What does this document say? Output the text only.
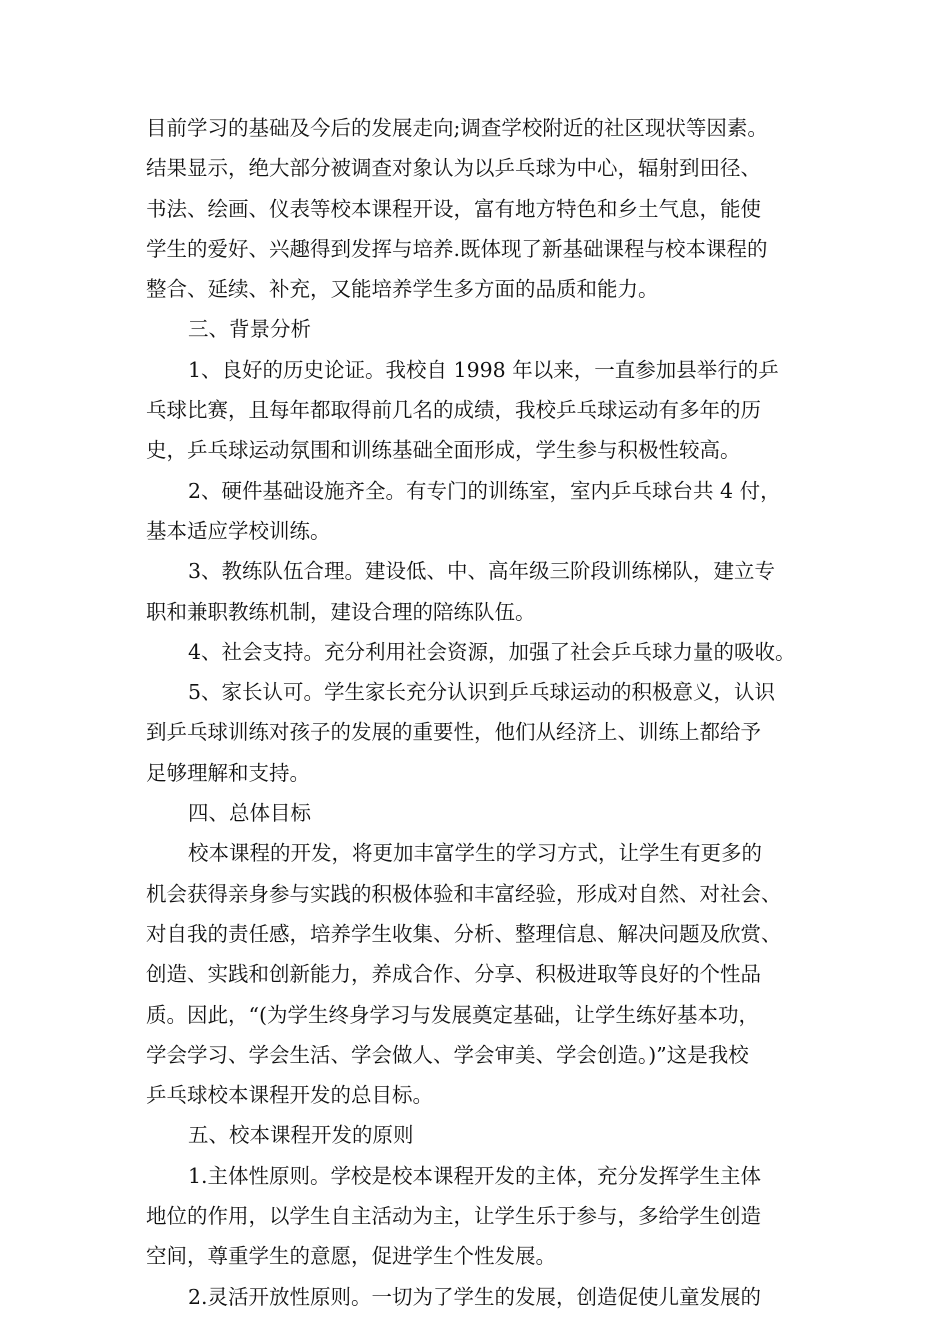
目前学习的基础及今后的发展走向;调查学校附近的社区现状等因素。
结果显示，绝大部分被调查对象认为以乒乓球为中心，辐射到田径、
书法、绘画、仪表等校本课程开设，富有地方特色和乡土气息，能使
学生的爱好、兴趣得到发挥与培养.既体现了新基础课程与校本课程的
整合、延续、补充，又能培养学生多方面的品质和能力。
三、背景分析
1、良好的历史论证。我校自 1998 年以来，一直参加县举行的乒
乓球比赛，且每年都取得前几名的成绩，我校乒乓球运动有多年的历
史，乒乓球运动氛围和训练基础全面形成，学生参与积极性较高。
2、硬件基础设施齐全。有专门的训练室，室内乒乓球台共 4 付，
基本适应学校训练。
3、教练队伍合理。建设低、中、高年级三阶段训练梯队，建立专
职和兼职教练机制，建设合理的陪练队伍。
4、社会支持。充分利用社会资源，加强了社会乒乓球力量的吸收。
5、家长认可。学生家长充分认识到乒乓球运动的积极意义，认识
到乒乓球训练对孩子的发展的重要性，他们从经济上、训练上都给予
足够理解和支持。
四、总体目标
校本课程的开发，将更加丰富学生的学习方式，让学生有更多的
机会获得亲身参与实践的积极体验和丰富经验，形成对自然、对社会、
对自我的责任感，培养学生收集、分析、整理信息、解决问题及欣赏、
创造、实践和创新能力，养成合作、分享、积极进取等良好的个性品
质。因此，“(为学生终身学习与发展奠定基础，让学生练好基本功，
学会学习、学会生活、学会做人、学会审美、学会创造。)”这是我校
乒乓球校本课程开发的总目标。
五、校本课程开发的原则
1.主体性原则。学校是校本课程开发的主体，充分发挥学生主体
地位的作用，以学生自主活动为主，让学生乐于参与，多给学生创造
空间，尊重学生的意愿，促进学生个性发展。
2.灵活开放性原则。一切为了学生的发展，创造促使儿童发展的
